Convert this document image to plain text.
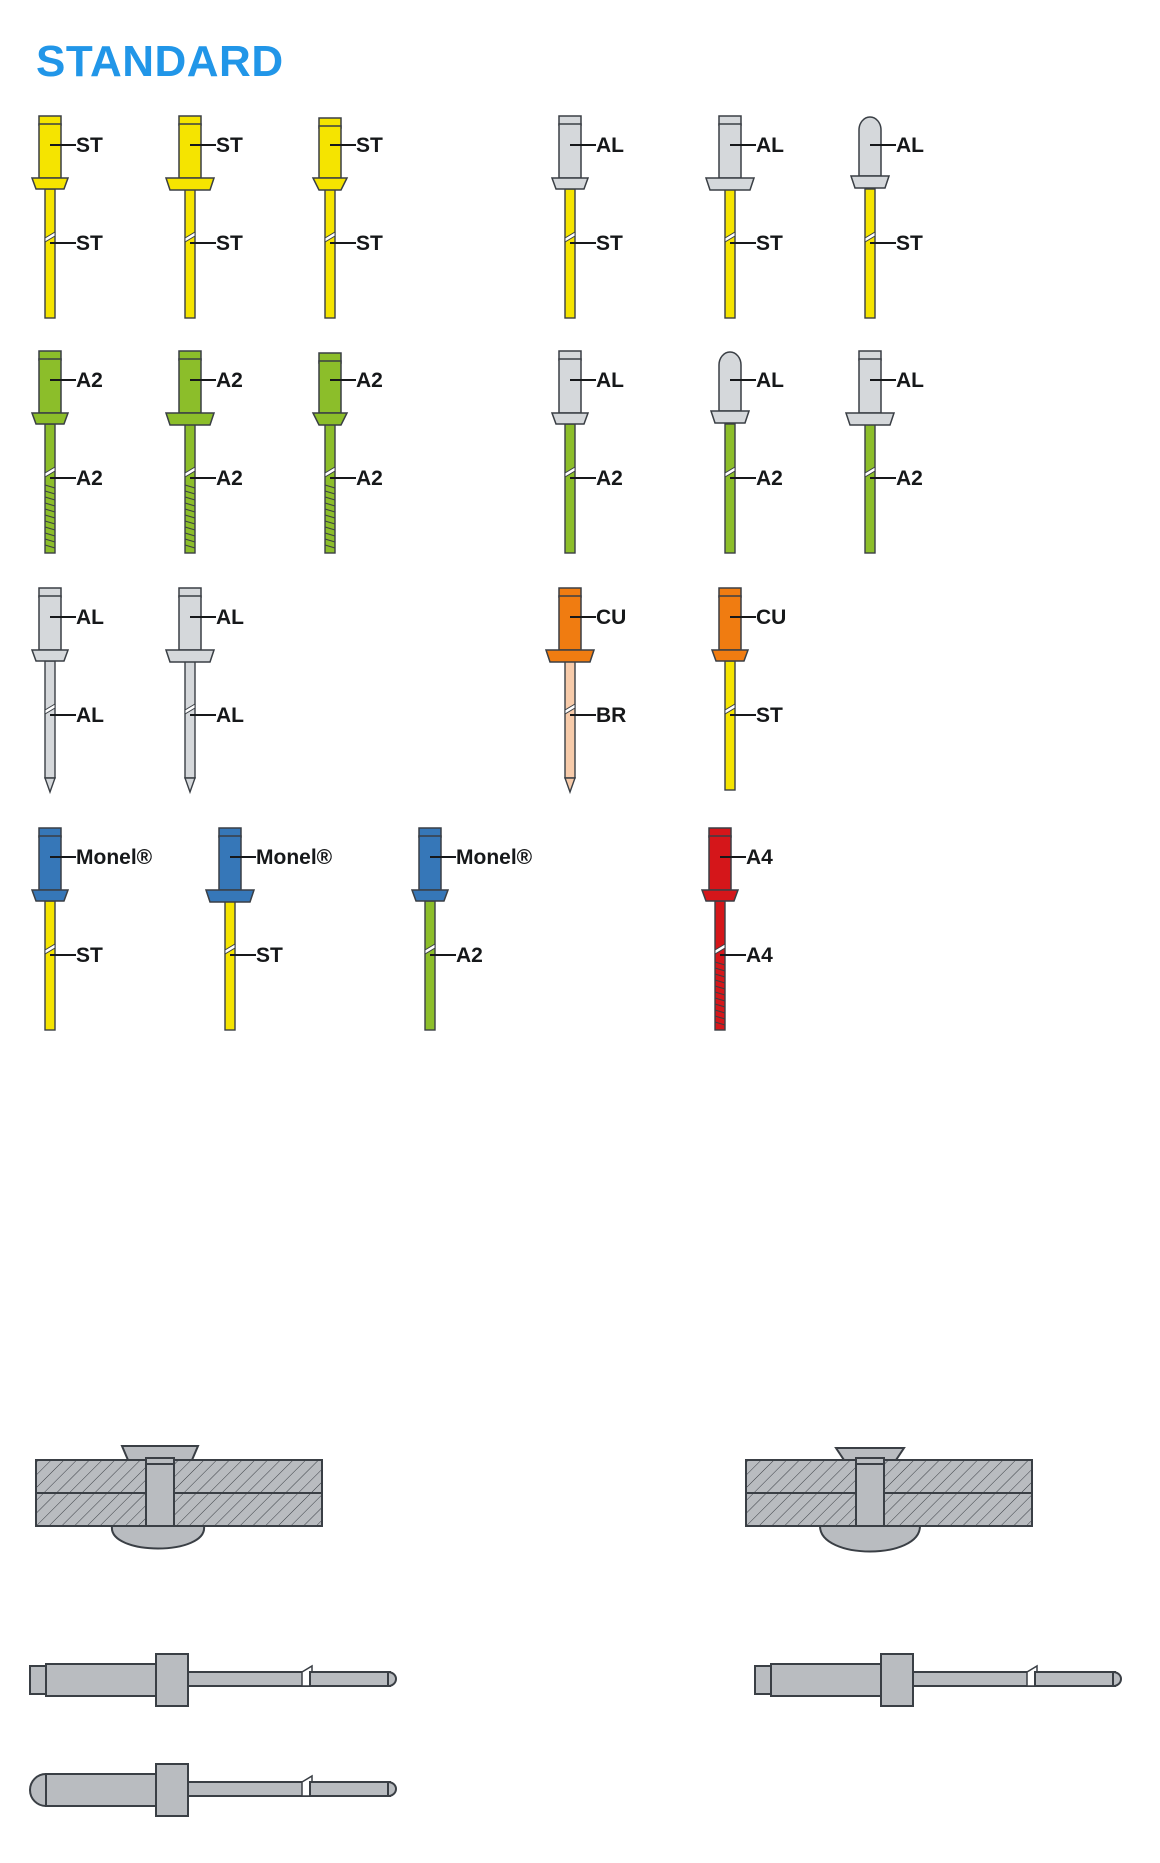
STANDARD
ST
ST
ST
ST
ST
ST
AL
ST
AL
ST
AL
ST
A2
A2
A2
A2
A2
A2
AL
A2
AL
A2
AL
A2
AL
AL
AL
AL
CU
BR
CU
ST
Monel®
ST
Monel®
ST
Monel®
A2
A4
A4
